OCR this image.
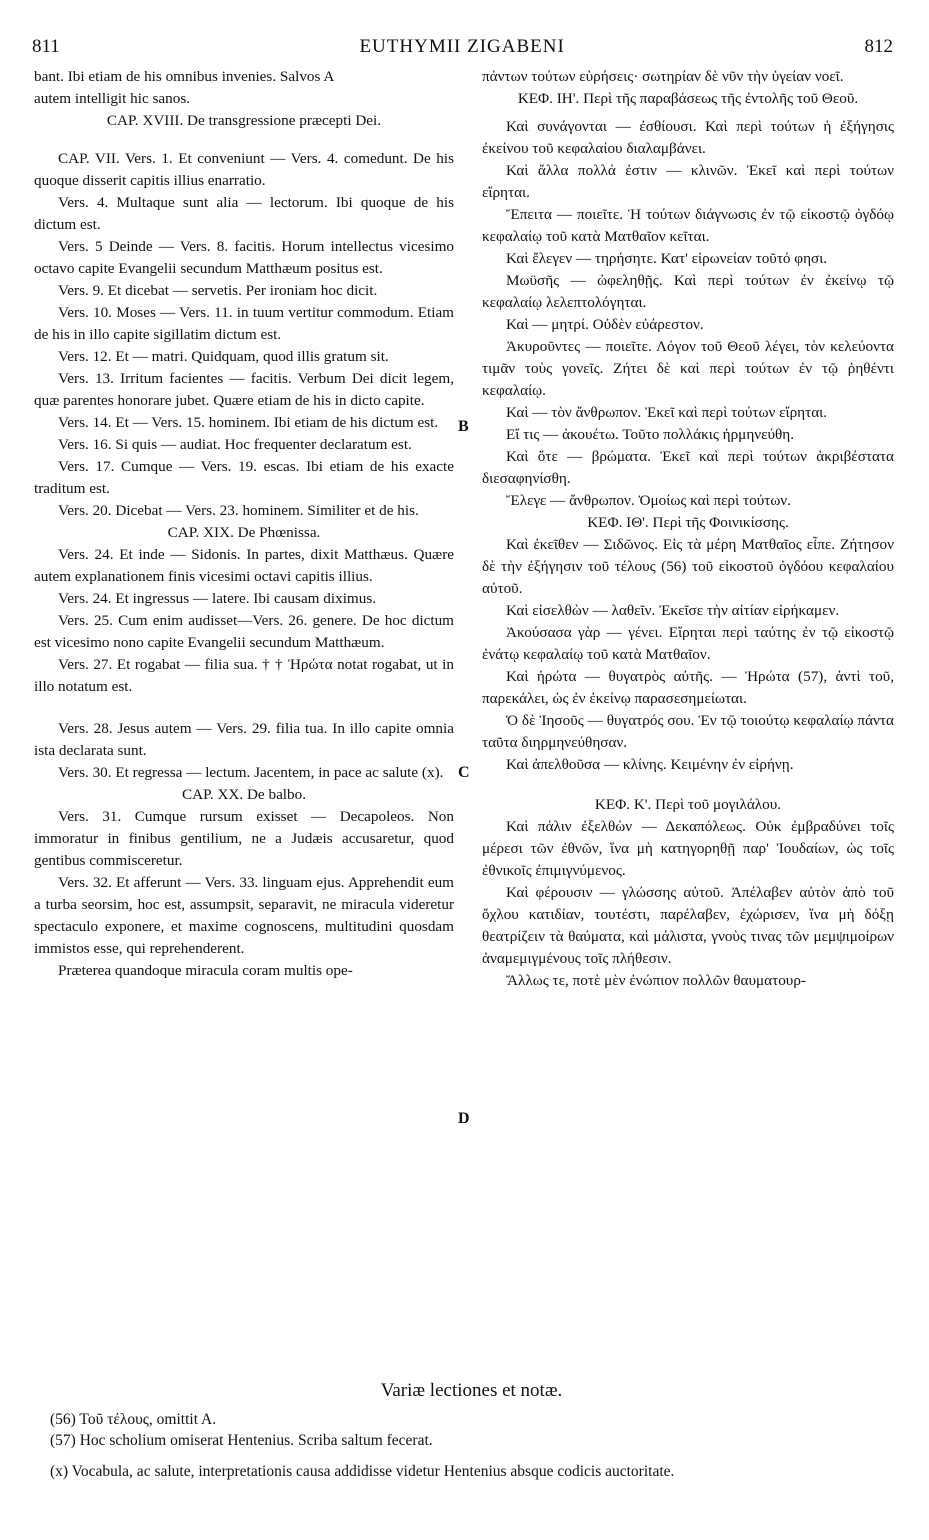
811	EUTHYMII ZIGABENI	812

bant. Ibi etiam de his omnibus invenies. Salvos A

autem intelligit hic sanos.

CAP. XVIII. De transgressione præcepti Dei.

CAP. VII. Vers. 1. Et conveniunt — Vers. 4. comedunt. De his quoque disserit capitis illius enarratio.

Vers. 4. Multaque sunt alia — lectorum. Ibi quoque de his dictum est.

Vers. 5 Deinde — Vers. 8. facitis. Horum intellectus vicesimo octavo capite Evangelii secundum Matthæum positus est.

Vers. 9. Et dicebat — servetis. Per ironiam hoc dicit.

Vers. 10. Moses — Vers. 11. in tuum vertitur commodum. Etiam de his in illo capite sigillatim dictum est.

Vers. 12. Et — matri. Quidquam, quod illis gratum sit.

Vers. 13. Irritum facientes — facitis. Verbum Dei dicit legem, quæ parentes honorare jubet. Quære etiam de his in dicto capite.

Vers. 14. Et — Vers. 15. hominem. Ibi etiam de his dictum est.

Vers. 16. Si quis — audiat. Hoc frequenter declaratum est.

Vers. 17. Cumque — Vers. 19. escas. Ibi etiam de his exacte traditum est.

Vers. 20. Dicebat — Vers. 23. hominem. Similiter et de his.

CAP. XIX. De Phœnissa.

Vers. 24. Et inde — Sidonis. In partes, dixit Matthæus. Quære autem explanationem finis vicesimi octavi capitis illius.

Vers. 24. Et ingressus — latere. Ibi causam diximus.

Vers. 25. Cum enim audisset—Vers. 26. genere. De hoc dictum est vicesimo nono capite Evangelii secundum Matthæum.

Vers. 27. Et rogabat — filia sua. † † Ἠρώτα notat rogabat, ut in illo notatum est.

Vers. 28. Jesus autem — Vers. 29. filia tua. In illo capite omnia ista declarata sunt.

Vers. 30. Et regressa — lectum. Jacentem, in pace ac salute (x).

CAP. XX. De balbo.

Vers. 31. Cumque rursum exisset — Decapoleos. Non immoratur in finibus gentilium, ne a Judæis accusaretur, quod gentibus commisceretur.

Vers. 32. Et afferunt — Vers. 33. linguam ejus. Apprehendit eum a turba seorsim, hoc est, assumpsit, separavit, ne miracula videretur spectaculo exponere, et maxime cognoscens, multitudini quosdam immistos esse, qui reprehenderent.

Præterea quandoque miracula coram multis ope-

πάντων τούτων εὑρήσεις· σωτηρίαν δὲ νῦν τὴν ὑγείαν νοεῖ.

ΚΕΦ. ΙΗ'. Περὶ τῆς παραβάσεως τῆς ἐντολῆς τοῦ Θεοῦ.

Καὶ συνάγονται — ἐσθίουσι. Καὶ περὶ τούτων ἡ ἐξήγησις ἐκείνου τοῦ κεφαλαίου διαλαμβάνει.

Καὶ ἄλλα πολλά ἐστιν — κλινῶν. Ἐκεῖ καὶ περὶ τούτων εἴρηται.

Ἔπειτα — ποιεῖτε. Ἡ τούτων διάγνωσις ἐν τῷ εἰκοστῷ ὀγδόῳ κεφαλαίῳ τοῦ κατὰ Ματθαῖον κεῖται.

Καὶ ἔλεγεν — τηρήσητε. Κατ' εἰρωνείαν τοῦτό φησι.

Μωϋσῆς — ὠφεληθῇς. Καὶ περὶ τούτων ἐν ἐκείνῳ τῷ κεφαλαίῳ λελεπτολόγηται.

Καὶ — μητρί. Οὐδὲν εὐάρεστον.

Ἀκυροῦντες — ποιεῖτε. Λόγον τοῦ Θεοῦ λέγει, τὸν κελεύοντα τιμᾶν τοὺς γονεῖς. Ζήτει δὲ καὶ περὶ τούτων ἐν τῷ ῥηθέντι κεφαλαίῳ.

Καὶ — τὸν ἄνθρωπον. Ἐκεῖ καὶ περὶ τούτων εἴρηται.

Εἴ τις — ἀκουέτω. Τοῦτο πολλάκις ἡρμηνεύθη.

Καὶ ὅτε — βρώματα. Ἐκεῖ καὶ περὶ τούτων ἀκριβέστατα διεσαφηνίσθη.

Ἔλεγε — ἄνθρωπον. Ὁμοίως καὶ περὶ τούτων.

ΚΕΦ. ΙΘ'. Περὶ τῆς Φοινικίσσης.

Καὶ ἐκεῖθεν — Σιδῶνος. Εἰς τὰ μέρη Ματθαῖος εἶπε. Ζήτησον δὲ τὴν ἐξήγησιν τοῦ τέλους (56) τοῦ εἰκοστοῦ ὀγδόου κεφαλαίου αὐτοῦ.

Καὶ εἰσελθὼν — λαθεῖν. Ἐκεῖσε τὴν αἰτίαν εἰρήκαμεν.

Ἀκούσασα γὰρ — γένει. Εἴρηται περὶ ταύτης ἐν τῷ εἰκοστῷ ἐνάτῳ κεφαλαίῳ τοῦ κατὰ Ματθαῖον.

Καὶ ἠρώτα — θυγατρὸς αὐτῆς. — Ἠρώτα (57), ἀντὶ τοῦ, παρεκάλει, ὡς ἐν ἐκείνῳ παρασεσημείωται.

Ὁ δὲ Ἰησοῦς — θυγατρός σου. Ἐν τῷ τοιούτῳ κεφαλαίῳ πάντα ταῦτα διηρμηνεύθησαν.

Καὶ ἀπελθοῦσα — κλίνης. Κειμένην ἐν εἰρήνῃ.

ΚΕΦ. Κ'. Περὶ τοῦ μογιλάλου.

Καὶ πάλιν ἐξελθὼν — Δεκαπόλεως. Οὐκ ἐμβραδύνει τοῖς μέρεσι τῶν ἐθνῶν, ἵνα μὴ κατηγορηθῇ παρ' Ἰουδαίων, ὡς τοῖς ἐθνικοῖς ἐπιμιγνύμενος.

Καὶ φέρουσιν — γλώσσης αὐτοῦ. Ἀπέλαβεν αὐτὸν ἀπὸ τοῦ ὄχλου κατιδίαν, τουτέστι, παρέλαβεν, ἐχώρισεν, ἵνα μὴ δόξῃ θεατρίζειν τὰ θαύματα, καὶ μάλιστα, γνοὺς τινας τῶν μεμψιμοίρων ἀναμεμιγμένους τοῖς πλήθεσιν.

Ἄλλως τε, ποτὲ μὲν ἐνώπιον πολλῶν θαυματουρ-

B
C
D
Variæ lectiones et notæ.

(56) Τοῦ τέλους, omittit A.

(57) Hoc scholium omiserat Hentenius. Scriba saltum fecerat.

(x) Vocabula, ac salute, interpretationis causa addidisse videtur Hentenius absque codicis auctoritate.
